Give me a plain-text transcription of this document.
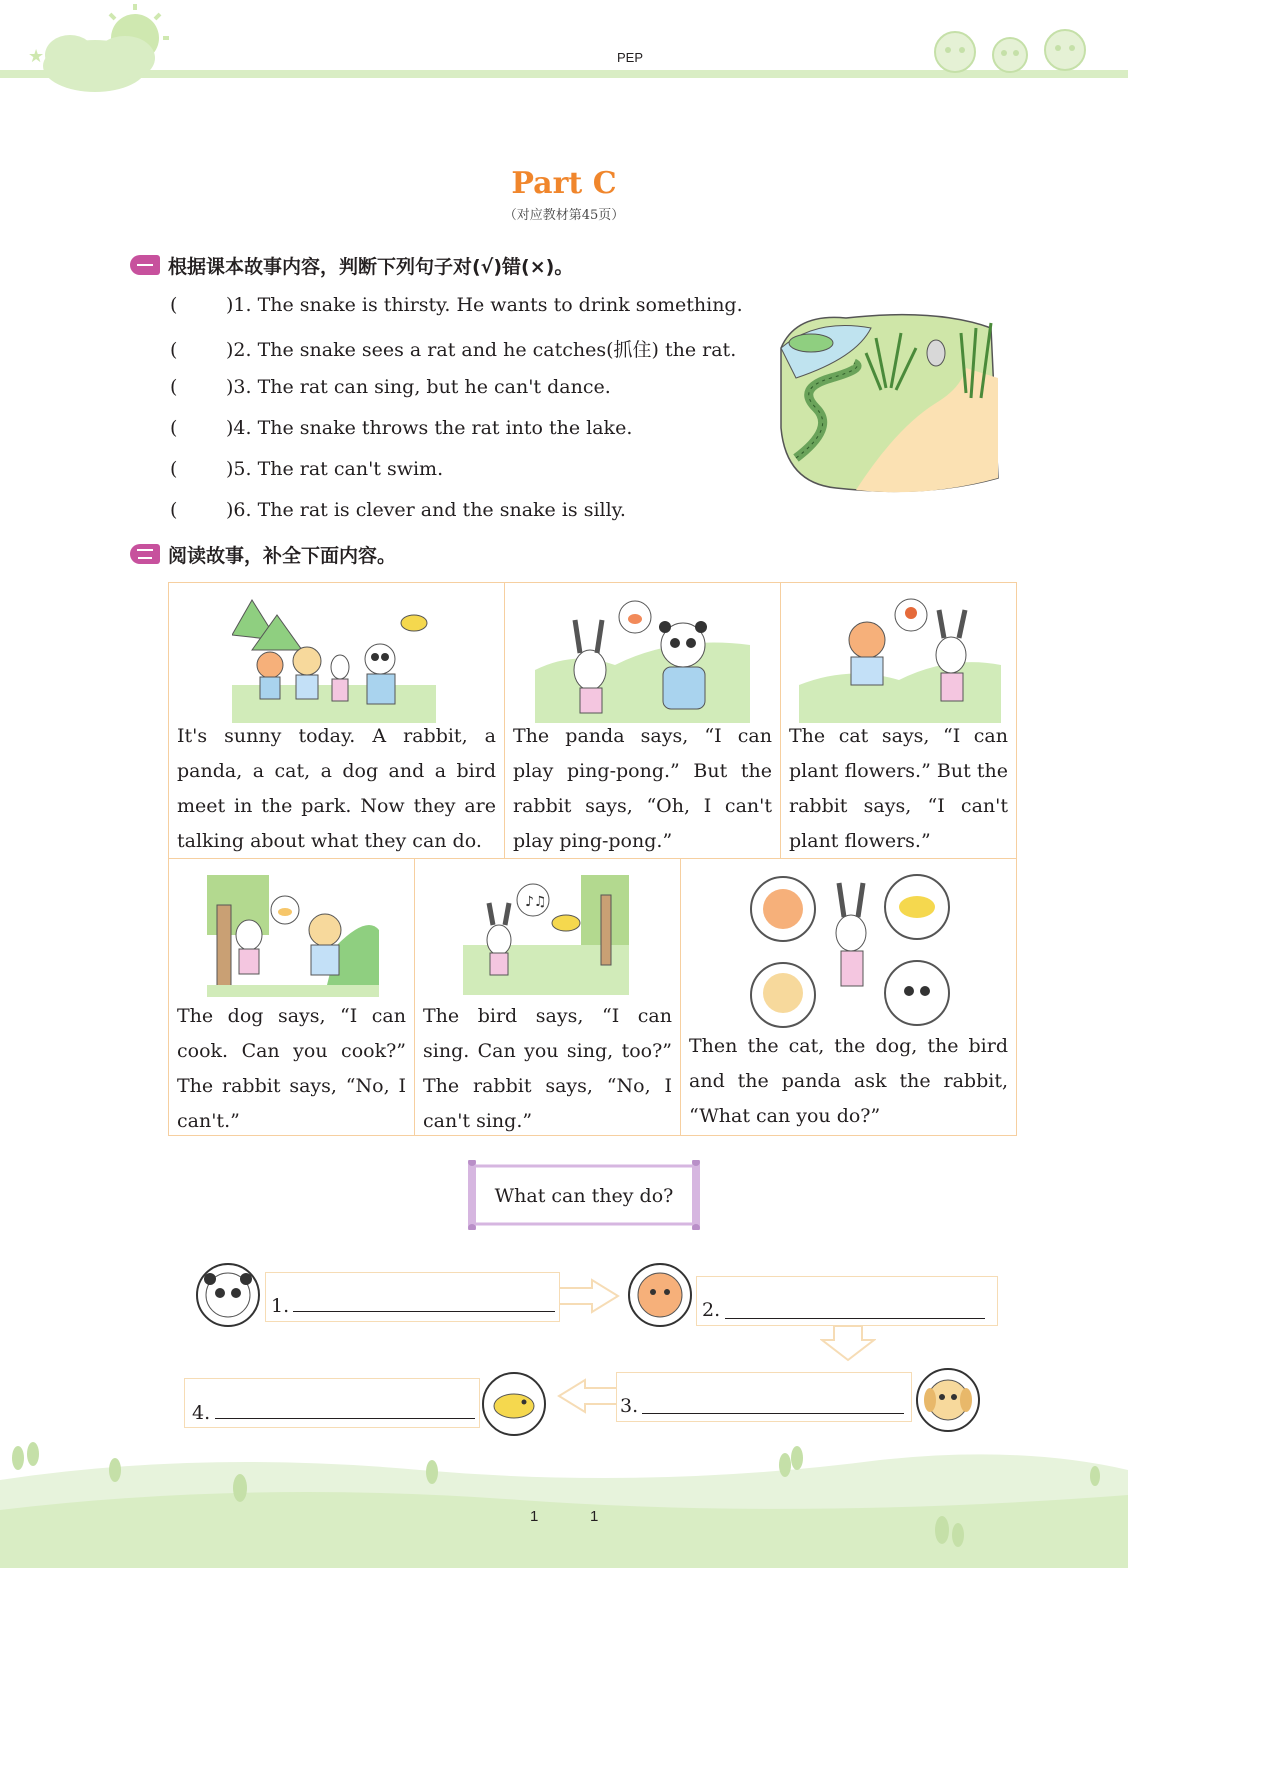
★	PEP
Part C
（对应教材第45页）
根据课本故事内容，判断下列句子对(√)错(×)。
(	)1. The snake is thirsty. He wants to drink something.
(	)2. The snake sees a rat and he catches(抓住) the rat.
(	)3. The rat can sing, but he can't dance.
(	)4. The snake throws the rat into the lake.
(	)5. The rat can't swim.
(	)6. The rat is clever and the snake is silly.
阅读故事，补全下面内容。
It's sunny today. A rabbit, a panda, a cat, a dog and a bird meet in the park. Now they are talking about what they can do.
The panda says, “I can play ping-pong.” But the rabbit says, “Oh, I can't play ping-pong.”
The cat says, “I can plant flowers.” But the rabbit says, “I can't plant flowers.”
The dog says, “I can cook. Can you cook?” The rabbit says, “No, I can't.”
♪♫
The bird says, “I can sing. Can you sing, too?” The rabbit says, “No, I can't sing.”
Then the cat, the dog, the bird and the panda ask the rabbit, “What can you do?”
What can they do?
1.	2.
4.	3.
1	1
